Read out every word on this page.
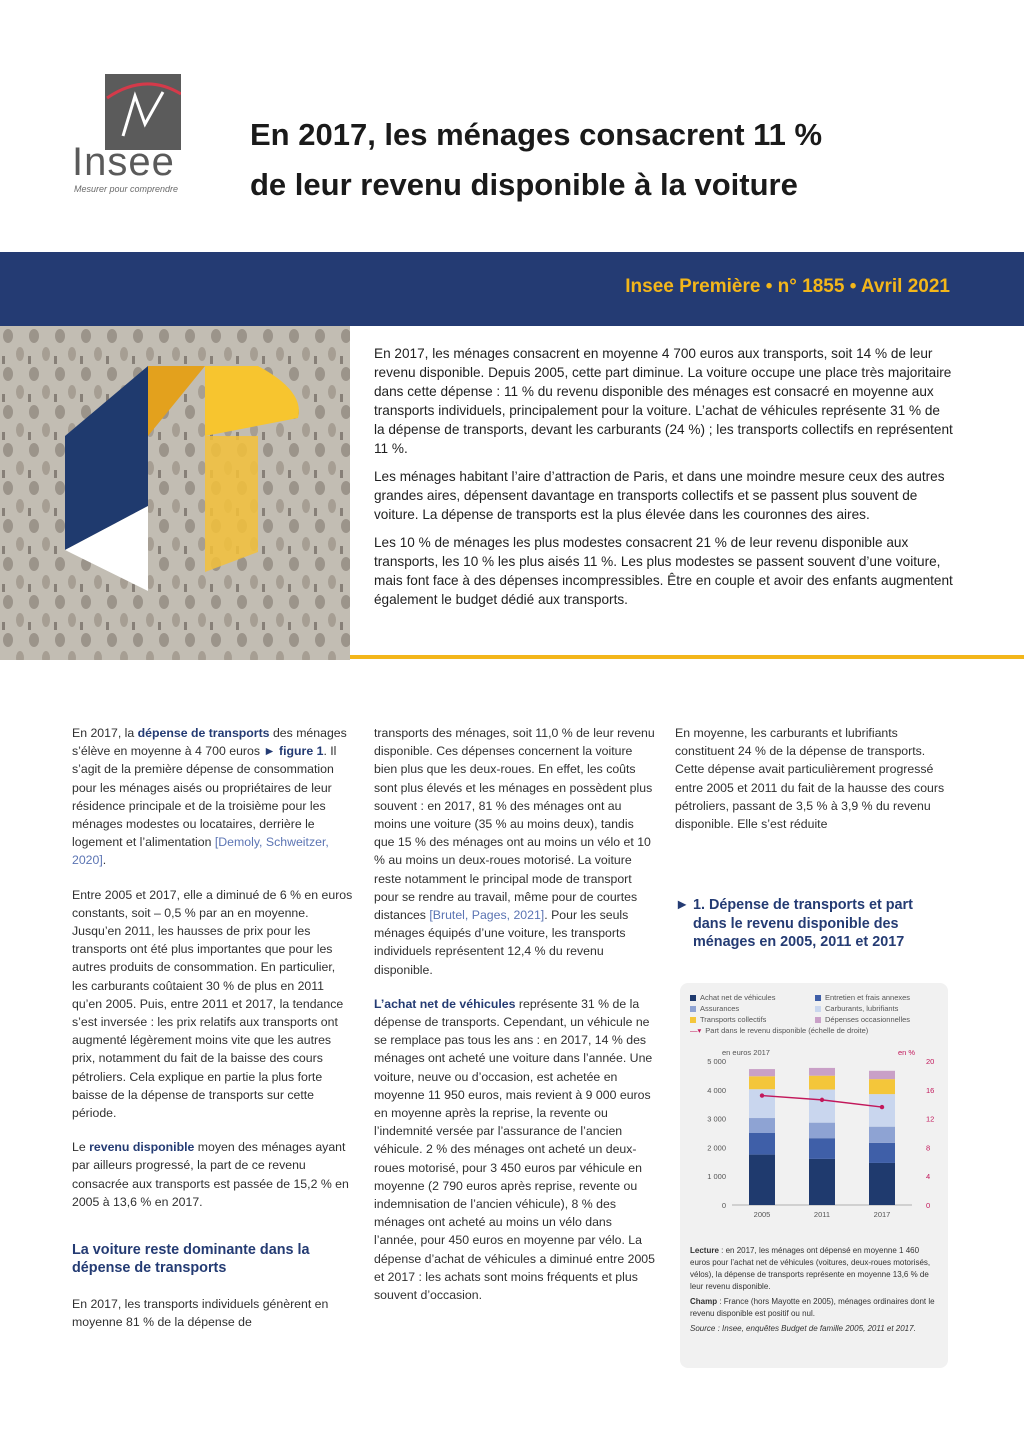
Insee
Mesurer pour comprendre
En 2017, les ménages consacrent 11 %
de leur revenu disponible à la voiture
Insee Première • n° 1855 • Avril 2021

En 2017, les ménages consacrent en moyenne 4 700 euros aux transports, soit 14 % de leur revenu disponible. Depuis 2005, cette part diminue. La voiture occupe une place très majoritaire dans cette dépense : 11 % du revenu disponible des ménages est consacré en moyenne aux transports individuels, principalement pour la voiture. L’achat de véhicules représente 31 % de la dépense de transports, devant les carburants (24 %) ; les transports collectifs en représentent 11 %.

Les ménages habitant l’aire d’attraction de Paris, et dans une moindre mesure ceux des autres grandes aires, dépensent davantage en transports collectifs et se passent plus souvent de voiture. La dépense de transports est la plus élevée dans les couronnes des aires.

Les 10 % de ménages les plus modestes consacrent 21 % de leur revenu disponible aux transports, les 10 % les plus aisés 11 %. Les plus modestes se passent souvent d’une voiture, mais font face à des dépenses incompressibles. Être en couple et avoir des enfants augmentent également le budget dédié aux transports.

En 2017, la dépense de transports des ménages s’élève en moyenne à 4 700 euros ► figure 1. Il s’agit de la première dépense de consommation pour les ménages aisés ou propriétaires de leur résidence principale et de la troisième pour les ménages modestes ou locataires, derrière le logement et l’alimentation [Demoly, Schweitzer, 2020].

Entre 2005 et 2017, elle a diminué de 6 % en euros constants, soit – 0,5 % par an en moyenne. Jusqu’en 2011, les hausses de prix pour les transports ont été plus importantes que pour les autres produits de consommation. En particulier, les carburants coûtaient 30 % de plus en 2011 qu’en 2005. Puis, entre 2011 et 2017, la tendance s’est inversée : les prix relatifs aux transports ont augmenté légèrement moins vite que les autres prix, notamment du fait de la baisse des cours pétroliers. Cela explique en partie la plus forte baisse de la dépense de transports sur cette période.

Le revenu disponible moyen des ménages ayant par ailleurs progressé, la part de ce revenu consacrée aux transports est passée de 15,2 % en 2005 à 13,6 % en 2017.

La voiture reste dominante dans la dépense de transports

En 2017, les transports individuels génèrent en moyenne 81 % de la dépense de

transports des ménages, soit 11,0 % de leur revenu disponible. Ces dépenses concernent la voiture bien plus que les deux-roues. En effet, les coûts sont plus élevés et les ménages en possèdent plus souvent : en 2017, 81 % des ménages ont au moins une voiture (35 % au moins deux), tandis que 15 % des ménages ont au moins un vélo et 10 % au moins un deux-roues motorisé. La voiture reste notamment le principal mode de transport pour se rendre au travail, même pour de courtes distances [Brutel, Pages, 2021]. Pour les seuls ménages équipés d’une voiture, les transports individuels représentent 12,4 % du revenu disponible.

L’achat net de véhicules représente 31 % de la dépense de transports. Cependant, un véhicule ne se remplace pas tous les ans : en 2017, 14 % des ménages ont acheté une voiture dans l’année. Une voiture, neuve ou d’occasion, est achetée en moyenne 11 950 euros, mais revient à 9 000 euros en moyenne après la reprise, la revente ou l’indemnité versée par l’assurance de l’ancien véhicule. 2 % des ménages ont acheté un deux-roues motorisé, pour 3 450 euros par véhicule en moyenne (2 790 euros après reprise, revente ou indemnisation de l’ancien véhicule), 8 % des ménages ont acheté au moins un vélo dans l’année, pour 450 euros en moyenne par vélo. La dépense d’achat de véhicules a diminué entre 2005 et 2017 : les achats sont moins fréquents et plus souvent d’occasion.

En moyenne, les carburants et lubrifiants constituent 24 % de la dépense de transports. Cette dépense avait particulièrement progressé entre 2005 et 2011 du fait de la hausse des cours pétroliers, passant de 3,5 % à 3,9 % du revenu disponible. Elle s’est réduite

► 1. Dépense de transports et part dans le revenu disponible des ménages en 2005, 2011 et 2017
Achat net de véhicules	Entretien et frais annexes
Assurances	Carburants, lubrifiants
Transports collectifs	Dépenses occasionnelles
—▾ Part dans le revenu disponible (échelle de droite)
en euros 2017	en %
0
1 000
2 000
3 000
4 000
5 000
0
4
8
12
16
20
2005	2011	2017

Lecture : en 2017, les ménages ont dépensé en moyenne 1 460 euros pour l’achat net de véhicules (voitures, deux-roues motorisés, vélos), la dépense de transports représente en moyenne 13,6 % de leur revenu disponible.

Champ : France (hors Mayotte en 2005), ménages ordinaires dont le revenu disponible est positif ou nul.

Source : Insee, enquêtes Budget de famille 2005, 2011 et 2017.
